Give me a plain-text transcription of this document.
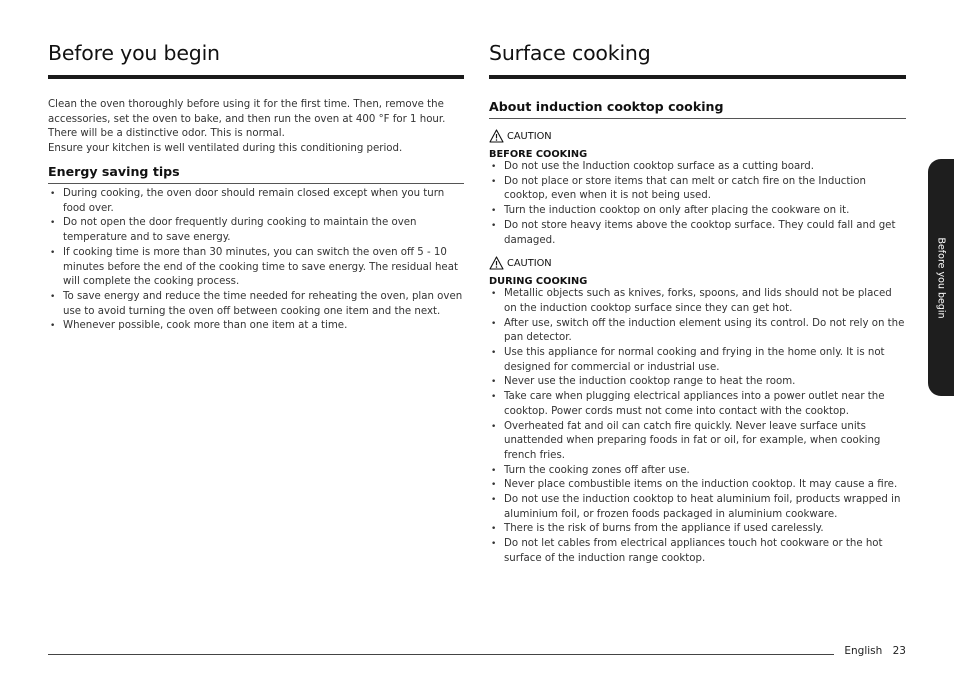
Before you begin

Clean the oven thoroughly before using it for the first time. Then, remove the accessories, set the oven to bake, and then run the oven at 400 °F for 1 hour. There will be a distinctive odor. This is normal.

Ensure your kitchen is well ventilated during this conditioning period.

Energy saving tips
• During cooking, the oven door should remain closed except when you turn food over.
• Do not open the door frequently during cooking to maintain the oven temperature and to save energy.
• If cooking time is more than 30 minutes, you can switch the oven off 5 - 10 minutes before the end of the cooking time to save energy. The residual heat will complete the cooking process.
• To save energy and reduce the time needed for reheating the oven, plan oven use to avoid turning the oven off between cooking one item and the next.
• Whenever possible, cook more than one item at a time.
Surface cooking
About induction cooktop cooking
CAUTION
BEFORE COOKING
• Do not use the Induction cooktop surface as a cutting board.
• Do not place or store items that can melt or catch fire on the Induction cooktop, even when it is not being used.
• Turn the induction cooktop on only after placing the cookware on it.
• Do not store heavy items above the cooktop surface. They could fall and get damaged.
CAUTION
DURING COOKING
• Metallic objects such as knives, forks, spoons, and lids should not be placed on the induction cooktop surface since they can get hot.
• After use, switch off the induction element using its control. Do not rely on the pan detector.
• Use this appliance for normal cooking and frying in the home only. It is not designed for commercial or industrial use.
• Never use the induction cooktop range to heat the room.
• Take care when plugging electrical appliances into a power outlet near the cooktop. Power cords must not come into contact with the cooktop.
• Overheated fat and oil can catch fire quickly. Never leave surface units unattended when preparing foods in fat or oil, for example, when cooking french fries.
• Turn the cooking zones off after use.
• Never place combustible items on the induction cooktop. It may cause a fire.
• Do not use the induction cooktop to heat aluminium foil, products wrapped in aluminium foil, or frozen foods packaged in aluminium cookware.
• There is the risk of burns from the appliance if used carelessly.
• Do not let cables from electrical appliances touch hot cookware or the hot surface of the induction range cooktop.
Before you begin
English 23
